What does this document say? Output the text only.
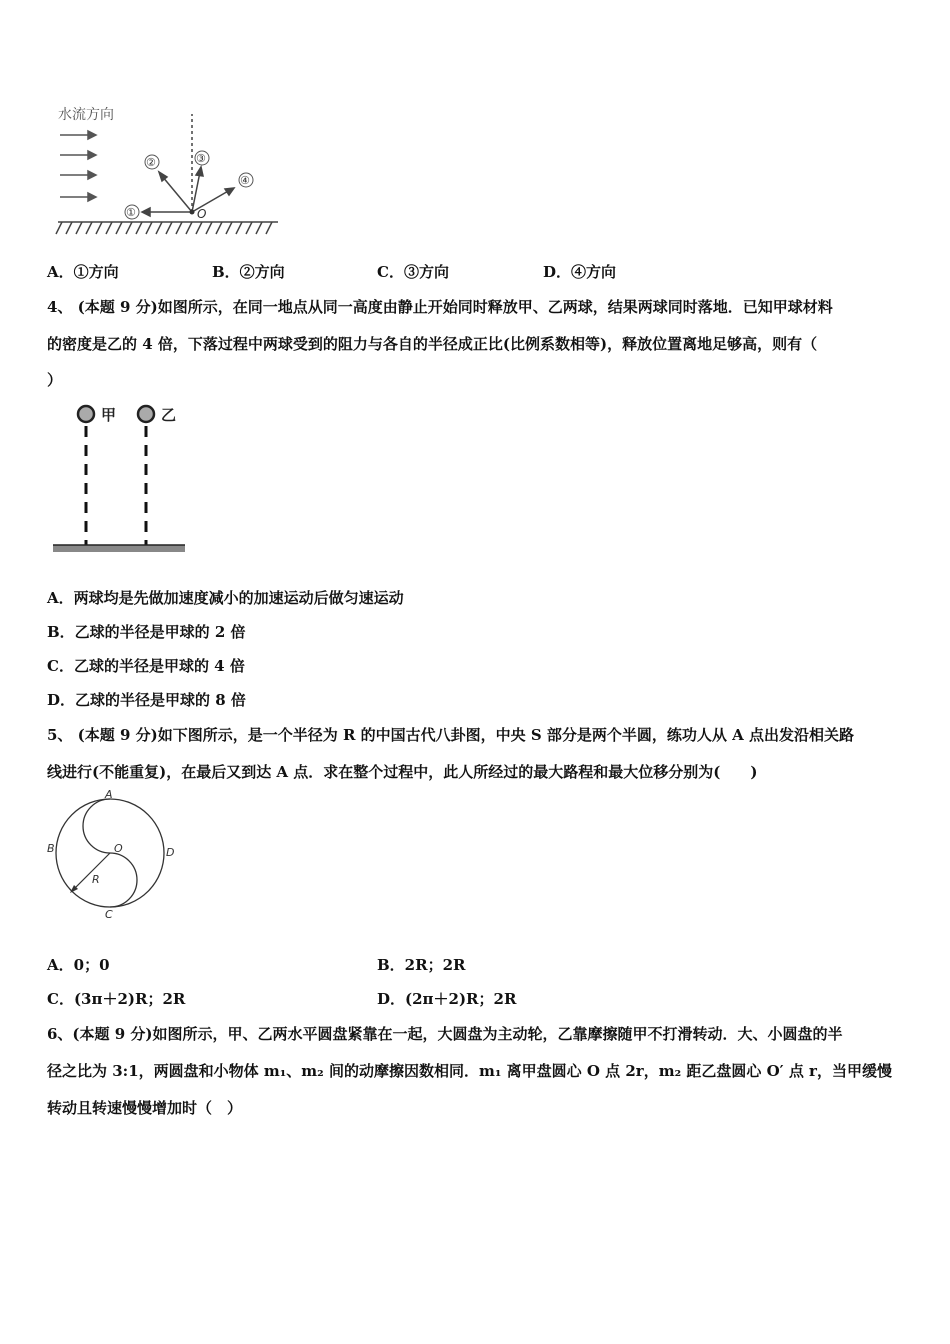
水流方向
①
②	③
④
O
A．①方向	B．②方向	C．③方向	D．④方向
4、 (本题 9 分)如图所示，在同一地点从同一高度由静止开始同时释放甲、乙两球，结果两球同时落地．已知甲球材料
的密度是乙的 4 倍，下落过程中两球受到的阻力与各自的半径成正比(比例系数相等)，释放位置离地足够高，则有（
）
甲	乙
A．两球均是先做加速度减小的加速运动后做匀速运动
B．乙球的半径是甲球的 2 倍
C．乙球的半径是甲球的 4 倍
D．乙球的半径是甲球的 8 倍
5、 (本题 9 分)如下图所示，是一个半径为 R 的中国古代八卦图，中央 S 部分是两个半圆，练功人从 A 点出发沿相关路
线进行(不能重复)，在最后又到达 A 点．求在整个过程中，此人所经过的最大路程和最大位移分别为(　　)
A
B
C
D
O
R
A．0；0	B．2R；2R
C．(3π＋2)R；2R	D．(2π＋2)R；2R
6、(本题 9 分)如图所示，甲、乙两水平圆盘紧靠在一起，大圆盘为主动轮，乙靠摩擦随甲不打滑转动．大、小圆盘的半
径之比为 3:1，两圆盘和小物体 m₁、m₂ 间的动摩擦因数相同．m₁ 离甲盘圆心 O 点 2r，m₂ 距乙盘圆心 O′ 点 r，当甲缓慢
转动且转速慢慢增加时（　）
